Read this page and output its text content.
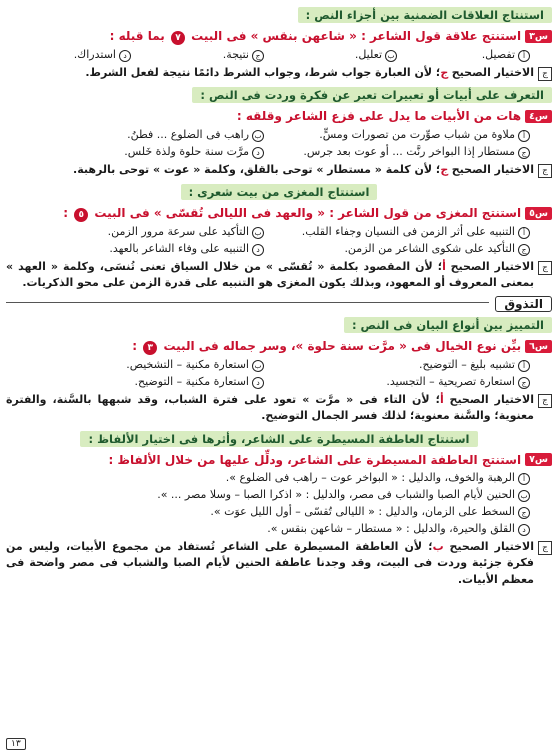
استنتاج العلاقات الضمنية بين أجزاء النص :
س٣
استنتج علاقة قول الشاعر : « شاعهن بنقس » فى البيت ٧ بما قبله :
أ
تفصيل.
ب
تعليل.
ج
نتيجة.
د
استدراك.
ج
الاختيار الصحيح ج؛ لأن العبارة جواب شرط، وجواب الشرط دائمًا نتيجة لفعل الشرط.
التعرف على أبيات أو تعبيرات تعبر عن فكرة وردت فى النص :
س٤
هات من الأبيات ما يدل على فزع الشاعر وقلقه :
أ
ملاوة من شباب صوِّرت من تصورات ومسٍّ.
ب
راهب فى الضلوع ... فطنُ.
ج
مستطار إذا البواخر رنَّت ... أو عوت بعد جرس.
د
مرَّت سنة حلوة ولذة خَلس.
ج
الاختيار الصحيح ج؛ لأن كلمة « مستطار » توحى بالقلق، وكلمة « عوت » توحى بالرهبة.
استنتاج المغزى من بيت شعرى :
س٥
استنتج المغزى من قول الشاعر : « والعهد فى الليالى تُقسّى » فى البيت ٥ :
أ
التنبيه على أثر الزمن فى النسيان وجفاء القلب.
ب
التأكيد على سرعة مرور الزمن.
ج
التأكيد على شكوى الشاعر من الزمن.
د
التنبيه على وفاء الشاعر بالعهد.
ج
الاختيار الصحيح أ؛ لأن المقصود بكلمة « تُقسّى » من خلال السياق تعنى تُنسَى، وكلمة « العهد » بمعنى المعروف أو المعهود، وبذلك يكون المغزى هو التنبيه على قدرة الزمن على محو الذكريات.
التذوق
التمييز بين أنواع البيان فى النص :
س٦
بيِّن نوع الخيال فى « مرَّت سنة حلوة »، وسر جماله فى البيت ٣ :
أ
تشبيه بليغ – التوضيح.
ب
استعارة مكنية – التشخيص.
ج
استعارة تصريحية – التجسيد.
د
استعارة مكنية – التوضيح.
ج
الاختيار الصحيح أ؛ لأن التاء فى « مرَّت » تعود على فترة الشباب، وقد شبهها بالسَّنة، والفترة معنوية؛ والسَّنة معنوية؛ لذلك فسر الجمال التوضيح.
استنتاج العاطفة المسيطرة على الشاعر، وأثرها فى اختيار الألفاظ :
س٧
استنتج العاطفة المسيطرة على الشاعر، ودلِّل عليها من خلال الألفاظ :
أ
الرهبة والخوف، والدليل : « البواخر عوت – راهب فى الضلوع ».
ب
الحنين لأيام الصبا والشباب فى مصر، والدليل : « اذكرا الصبا – وسلا مصر ... ».
ج
السخط على الزمان، والدليل : « الليالى تُقسّى – أول الليل عوَت ».
د
القلق والحيرة، والدليل : « مستطار – شاعهن بنقس ».
ج
الاختيار الصحيح ب؛ لأن العاطفة المسيطرة على الشاعر تُستفاد من مجموع الأبيات، وليس من فكرة جزئية وردت فى البيت، وقد وجدنا عاطفة الحنين لأيام الصبا والشباب فى مصر واضحة فى معظم الأبيات.
١٣
